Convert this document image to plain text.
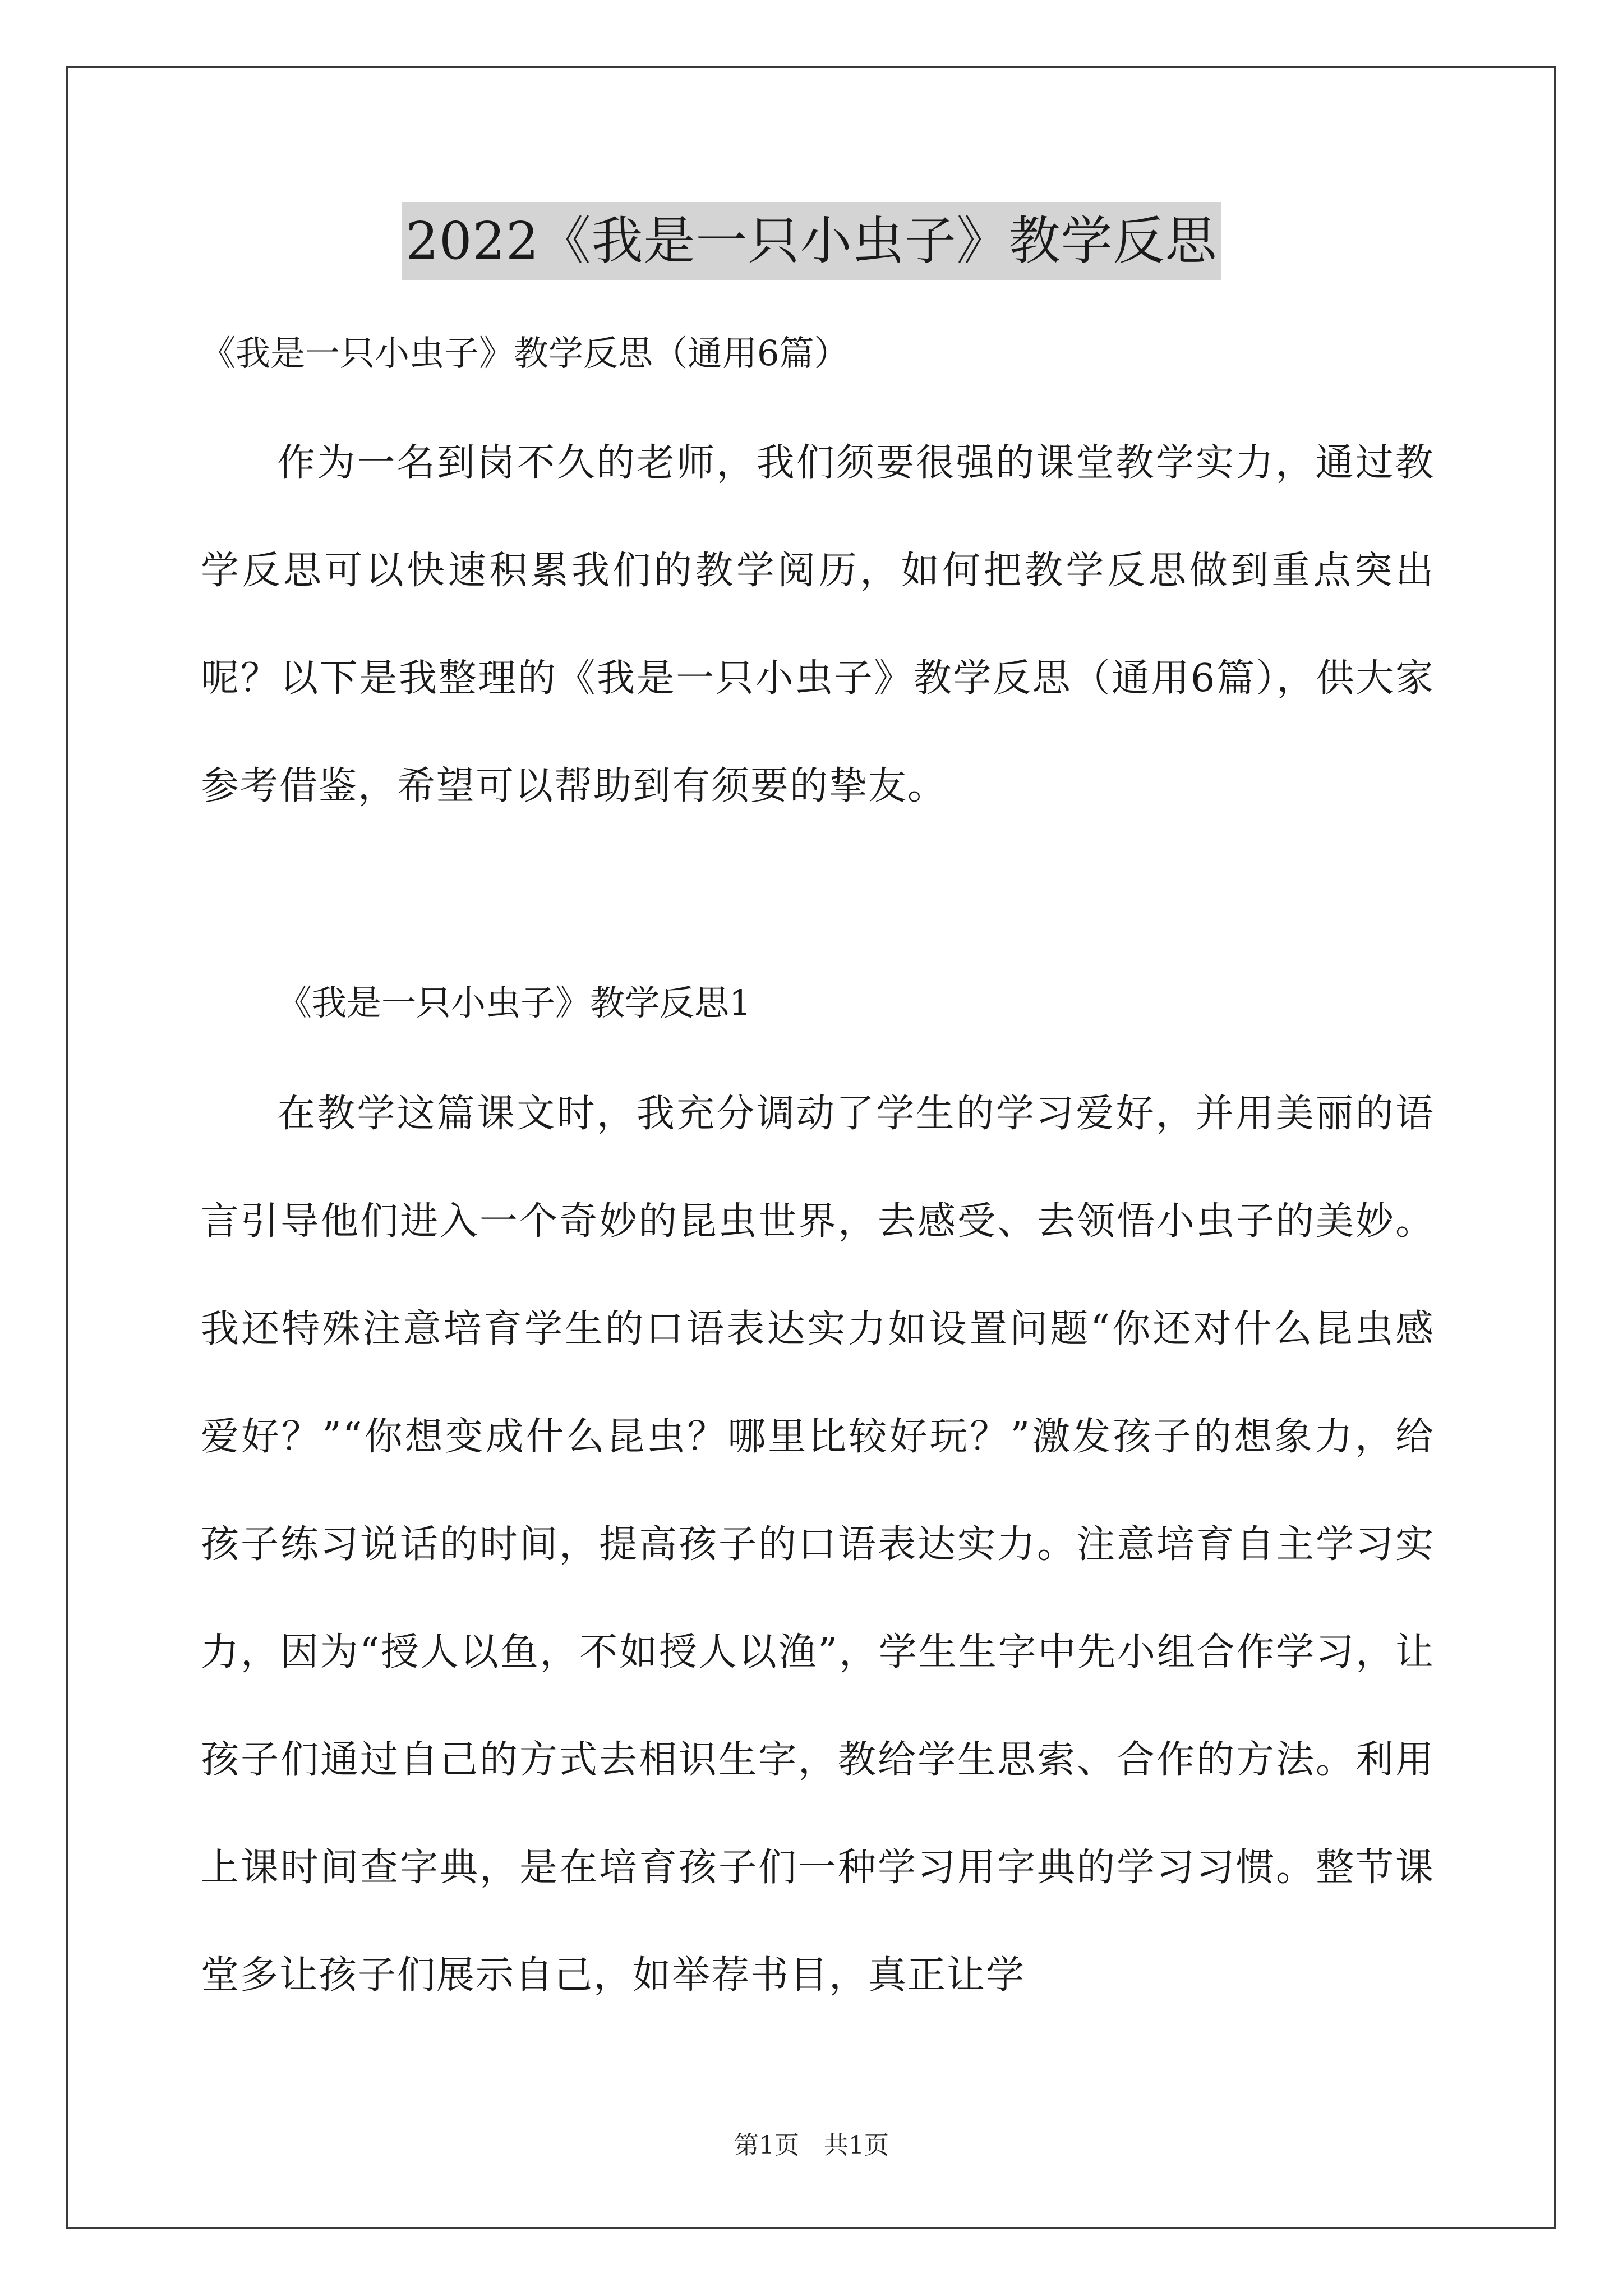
2022《我是一只小虫子》教学反思

《我是一只小虫子》教学反思（通用6篇）

作为一名到岗不久的老师，我们须要很强的课堂教学实力，通过教学反思可以快速积累我们的教学阅历，如何把教学反思做到重点突出呢？以下是我整理的《我是一只小虫子》教学反思（通用6篇），供大家参考借鉴，希望可以帮助到有须要的挚友。

《我是一只小虫子》教学反思1

在教学这篇课文时，我充分调动了学生的学习爱好，并用美丽的语言引导他们进入一个奇妙的昆虫世界，去感受、去领悟小虫子的美妙。我还特殊注意培育学生的口语表达实力如设置问题“你还对什么昆虫感爱好？”“你想变成什么昆虫？哪里比较好玩？”激发孩子的想象力，给孩子练习说话的时间，提高孩子的口语表达实力。注意培育自主学习实力，因为“授人以鱼，不如授人以渔”，学生生字中先小组合作学习，让孩子们通过自己的方式去相识生字，教给学生思索、合作的方法。利用上课时间查字典，是在培育孩子们一种学习用字典的学习习惯。整节课堂多让孩子们展示自己，如举荐书目，真正让学

第1页　共1页
